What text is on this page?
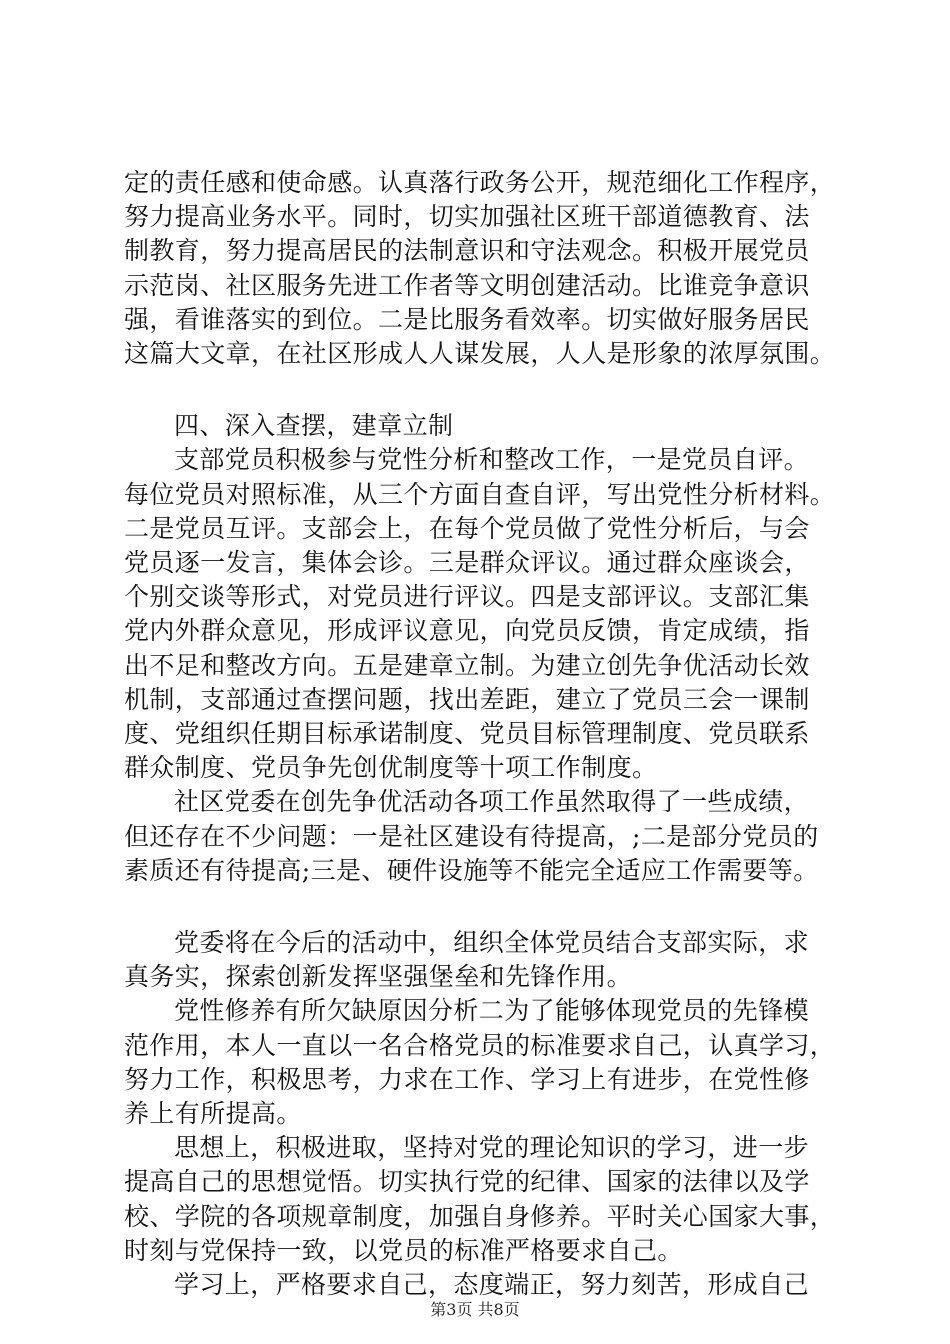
定的责任感和使命感。认真落行政务公开，规范细化工作程序，
努力提高业务水平。同时，切实加强社区班干部道德教育、法
制教育，努力提高居民的法制意识和守法观念。积极开展党员
示范岗、社区服务先进工作者等文明创建活动。比谁竞争意识
强，看谁落实的到位。二是比服务看效率。切实做好服务居民
这篇大文章，在社区形成人人谋发展，人人是形象的浓厚氛围。
四、深入查摆，建章立制
支部党员积极参与党性分析和整改工作，一是党员自评。
每位党员对照标准，从三个方面自查自评，写出党性分析材料。
二是党员互评。支部会上，在每个党员做了党性分析后，与会
党员逐一发言，集体会诊。三是群众评议。通过群众座谈会，
个别交谈等形式，对党员进行评议。四是支部评议。支部汇集
党内外群众意见，形成评议意见，向党员反馈，肯定成绩，指
出不足和整改方向。五是建章立制。为建立创先争优活动长效
机制，支部通过查摆问题，找出差距，建立了党员三会一课制
度、党组织任期目标承诺制度、党员目标管理制度、党员联系
群众制度、党员争先创优制度等十项工作制度。
社区党委在创先争优活动各项工作虽然取得了一些成绩，
但还存在不少问题：一是社区建设有待提高，;二是部分党员的
素质还有待提高;三是、硬件设施等不能完全适应工作需要等。
党委将在今后的活动中，组织全体党员结合支部实际，求
真务实，探索创新发挥坚强堡垒和先锋作用。
党性修养有所欠缺原因分析二为了能够体现党员的先锋模
范作用，本人一直以一名合格党员的标准要求自己，认真学习，
努力工作，积极思考，力求在工作、学习上有进步，在党性修
养上有所提高。
思想上，积极进取，坚持对党的理论知识的学习，进一步
提高自己的思想觉悟。切实执行党的纪律、国家的法律以及学
校、学院的各项规章制度，加强自身修养。平时关心国家大事，
时刻与党保持一致，以党员的标准严格要求自己。
学习上，严格要求自己，态度端正，努力刻苦，形成自己
第3页 共8页
